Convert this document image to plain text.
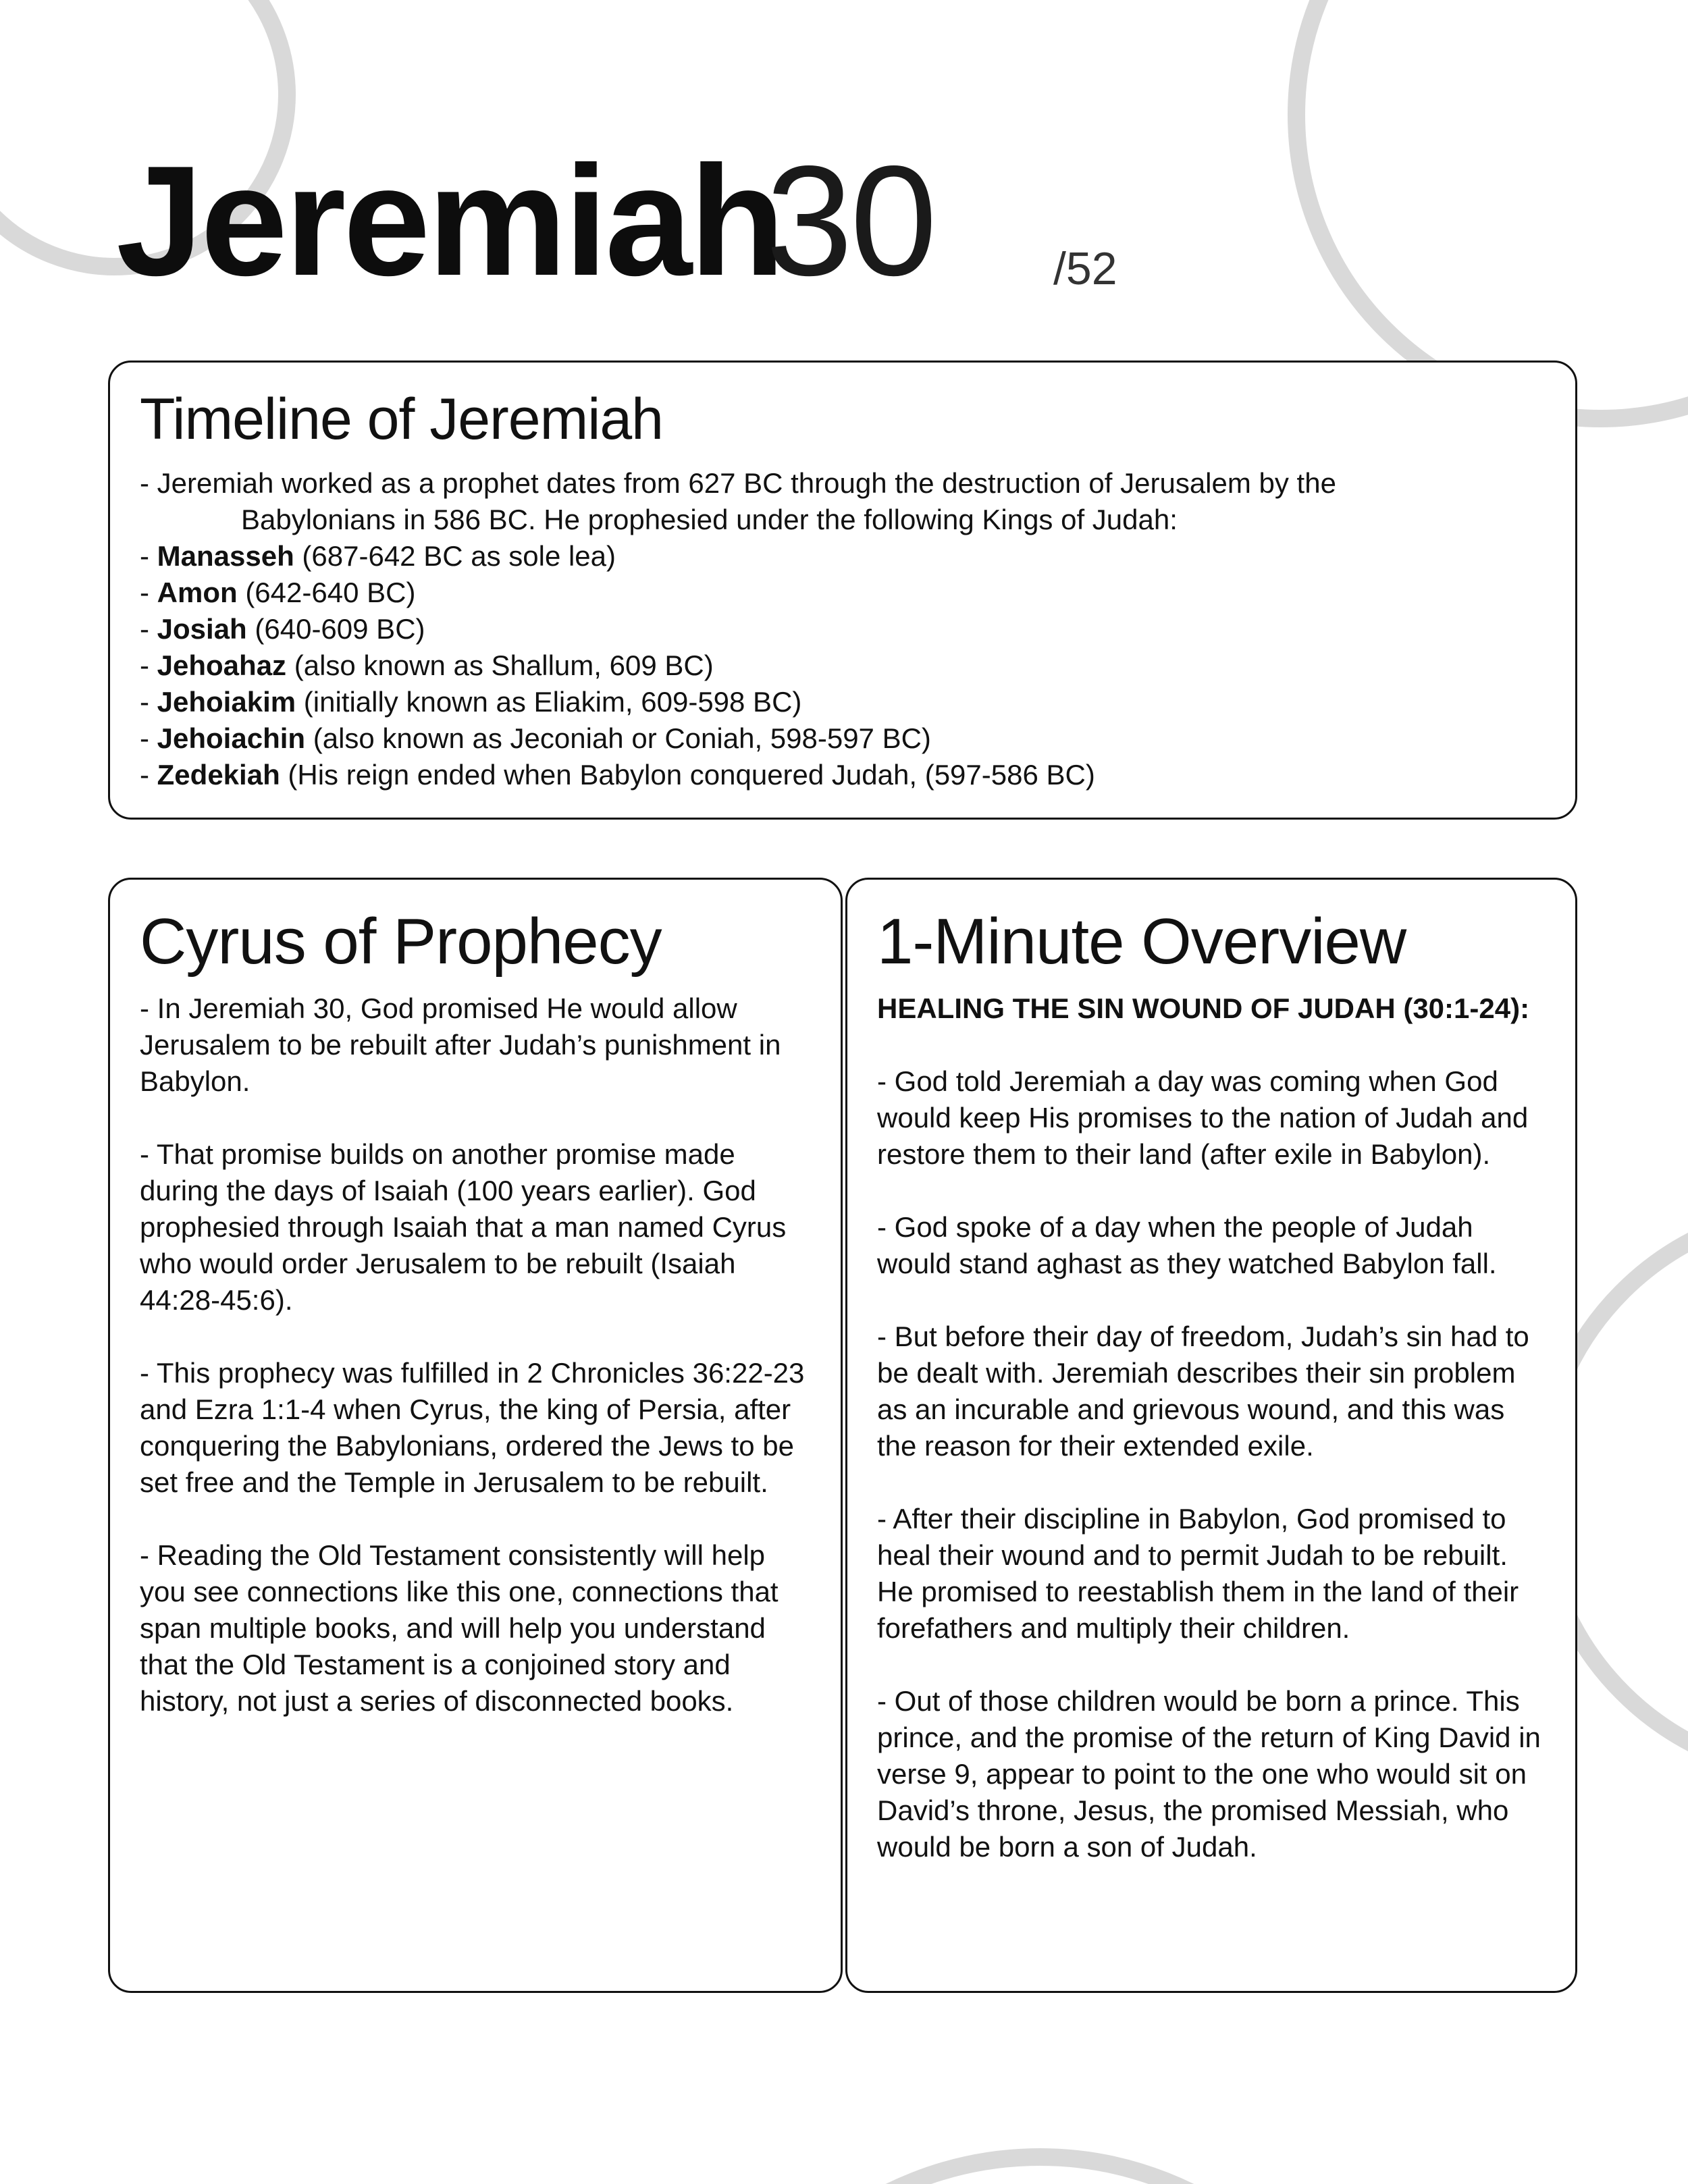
Jeremiah
30	/52
Timeline of Jeremiah

- Jeremiah worked as a prophet dates from 627 BC through the destruction of Jerusalem by the

Babylonians in 586 BC. He prophesied under the following Kings of Judah:

- Manasseh (687-642 BC as sole lea)

- Amon (642-640 BC)

- Josiah (640-609 BC)

- Jehoahaz (also known as Shallum, 609 BC)

- Jehoiakim (initially known as Eliakim, 609-598 BC)

- Jehoiachin (also known as Jeconiah or Coniah, 598-597 BC)

- Zedekiah (His reign ended when Babylon conquered Judah, (597-586 BC)

Cyrus of Prophecy

- In Jeremiah 30, God promised He would allow Jerusalem to be rebuilt after Judah’s punishment in Babylon.

- That promise builds on another promise made during the days of Isaiah (100 years earlier). God prophesied through Isaiah that a man named Cyrus who would order Jerusalem to be rebuilt (Isaiah 44:28-45:6).

- This prophecy was fulfilled in 2 Chronicles 36:22-23 and Ezra 1:1-4 when Cyrus, the king of Persia, after conquering the Babylonians, ordered the Jews to be set free and the Temple in Jerusalem to be rebuilt.

- Reading the Old Testament consistently will help you see connections like this one, connections that span multiple books, and will help you understand that the Old Testament is a conjoined story and history, not just a series of disconnected books.

1-Minute Overview

HEALING THE SIN WOUND OF JUDAH (30:1-24):

- God told Jeremiah a day was coming when God would keep His promises to the nation of Judah and restore them to their land (after exile in Babylon).

- God spoke of a day when the people of Judah would stand aghast as they watched Babylon fall.

- But before their day of freedom, Judah’s sin had to be dealt with. Jeremiah describes their sin problem as an incurable and grievous wound, and this was the reason for their extended exile.

- After their discipline in Babylon, God promised to heal their wound and to permit Judah to be rebuilt. He promised to reestablish them in the land of their forefathers and multiply their children.

- Out of those children would be born a prince. This prince, and the promise of the return of King David in verse 9, appear to point to the one who would sit on David’s throne, Jesus, the promised Messiah, who would be born a son of Judah.
